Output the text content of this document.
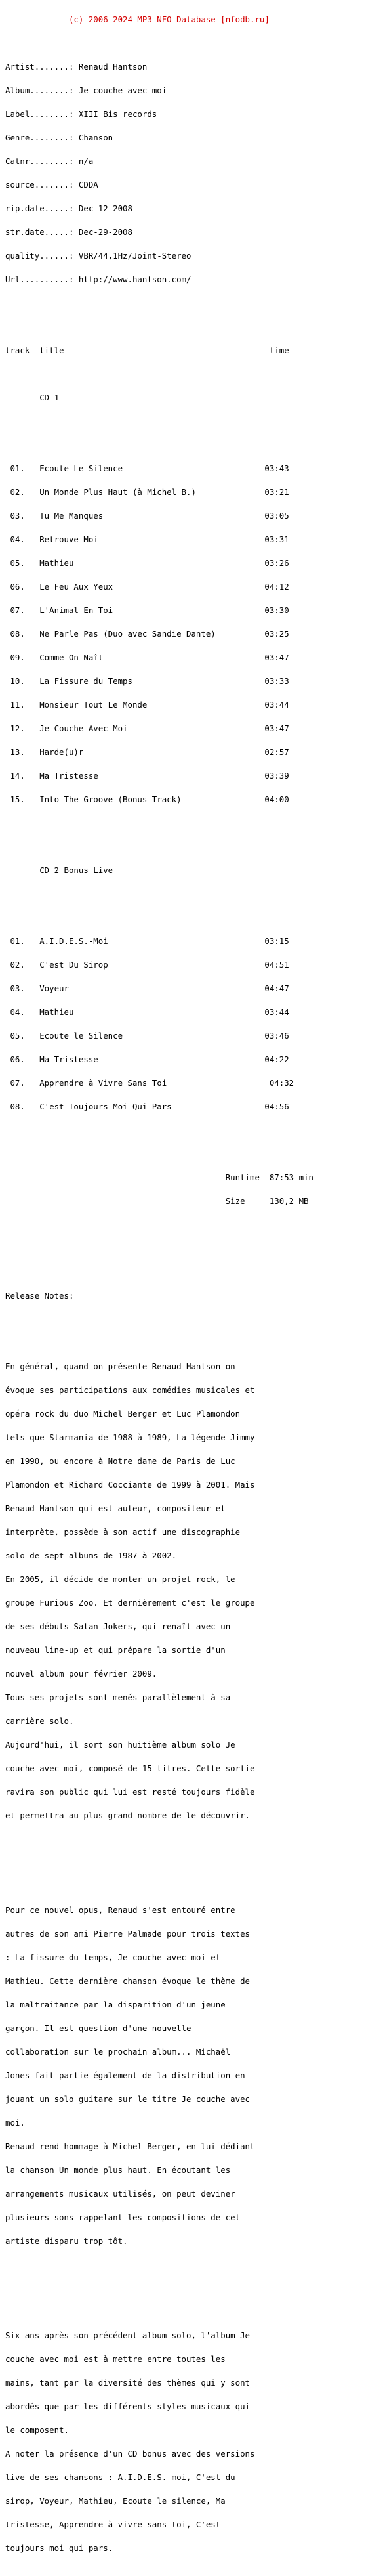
(c) 2006-2024 MP3 NFO Database [nfodb.ru]

Artist.......: Renaud Hantson

Album........: Je couche avec moi

Label........: XIII Bis records

Genre........: Chanson

Catnr........: n/a

source.......: CDDA

rip.date.....: Dec-12-2008

str.date.....: Dec-29-2008

quality......: VBR/44,1Hz/Joint-Stereo

Url..........: http://www.hantson.com/

track  title                                          time

CD 1

01.   Ecoute Le Silence                             03:43

02.   Un Monde Plus Haut (à Michel B.)              03:21

03.   Tu Me Manques                                 03:05

04.   Retrouve-Moi                                  03:31

05.   Mathieu                                       03:26

06.   Le Feu Aux Yeux                               04:12

07.   L'Animal En Toi                               03:30

08.   Ne Parle Pas (Duo avec Sandie Dante)          03:25

09.   Comme On Naît                                 03:47

10.   La Fissure du Temps                           03:33

11.   Monsieur Tout Le Monde                        03:44

12.   Je Couche Avec Moi                            03:47

13.   Harde(u)r                                     02:57

14.   Ma Tristesse                                  03:39

15.   Into The Groove (Bonus Track)                 04:00

CD 2 Bonus Live

01.   A.I.D.E.S.-Moi                                03:15

02.   C'est Du Sirop                                04:51

03.   Voyeur                                        04:47

04.   Mathieu                                       03:44

05.   Ecoute le Silence                             03:46

06.   Ma Tristesse                                  04:22

07.   Apprendre à Vivre Sans Toi                     04:32

08.   C'est Toujours Moi Qui Pars                   04:56

Runtime  87:53 min

Size     130,2 MB

Release Notes:

En général, quand on présente Renaud Hantson on

évoque ses participations aux comédies musicales et

opéra rock du duo Michel Berger et Luc Plamondon

tels que Starmania de 1988 à 1989, La légende Jimmy

en 1990, ou encore à Notre dame de Paris de Luc

Plamondon et Richard Cocciante de 1999 à 2001. Mais

Renaud Hantson qui est auteur, compositeur et

interprète, possède à son actif une discographie

solo de sept albums de 1987 à 2002.

En 2005, il décide de monter un projet rock, le

groupe Furious Zoo. Et dernièrement c'est le groupe

de ses débuts Satan Jokers, qui renaît avec un

nouveau line-up et qui prépare la sortie d'un

nouvel album pour février 2009.

Tous ses projets sont menés parallèlement à sa

carrière solo.

Aujourd'hui, il sort son huitième album solo Je

couche avec moi, composé de 15 titres. Cette sortie

ravira son public qui lui est resté toujours fidèle

et permettra au plus grand nombre de le découvrir.

Pour ce nouvel opus, Renaud s'est entouré entre

autres de son ami Pierre Palmade pour trois textes

: La fissure du temps, Je couche avec moi et

Mathieu. Cette dernière chanson évoque le thème de

la maltraitance par la disparition d'un jeune

garçon. Il est question d'une nouvelle

collaboration sur le prochain album... Michaël

Jones fait partie également de la distribution en

jouant un solo guitare sur le titre Je couche avec

moi.

Renaud rend hommage à Michel Berger, en lui dédiant

la chanson Un monde plus haut. En écoutant les

arrangements musicaux utilisés, on peut deviner

plusieurs sons rappelant les compositions de cet

artiste disparu trop tôt.

Six ans après son précédent album solo, l'album Je

couche avec moi est à mettre entre toutes les

mains, tant par la diversité des thèmes qui y sont

abordés que par les différents styles musicaux qui

le composent.

A noter la présence d'un CD bonus avec des versions

live de ses chansons : A.I.D.E.S.-moi, C'est du

sirop, Voyeur, Mathieu, Ecoute le silence, Ma

tristesse, Apprendre à vivre sans toi, C'est

toujours moi qui pars.
